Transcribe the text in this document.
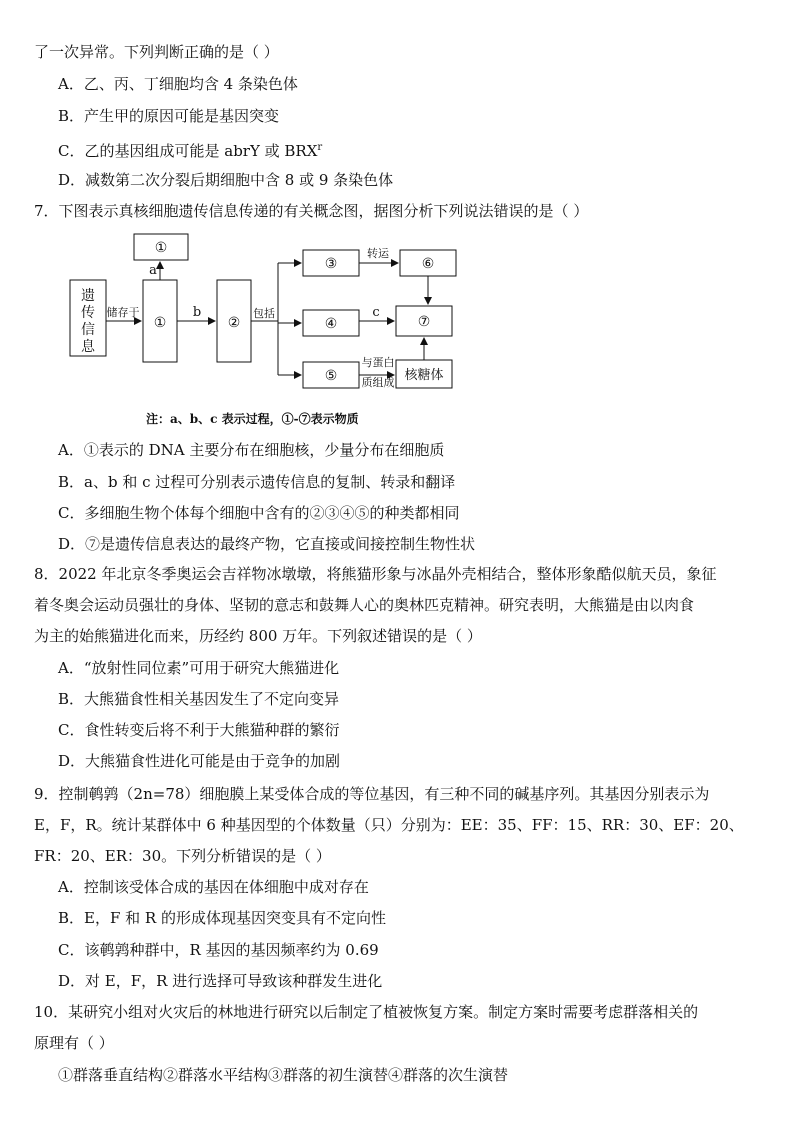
了一次异常。下列判断正确的是（ ）
A．乙、丙、丁细胞均含 4 条染色体
B．产生甲的原因可能是基因突变
C．乙的基因组成可能是 abrY 或 BRX$^r$
D．减数第二次分裂后期细胞中含 8 或 9 条染色体
7．下图表示真核细胞遗传信息传递的有关概念图，据图分析下列说法错误的是（ ）
遗
传
信
息
储存于
①
a
①
b
②
包括
③
④
⑤
转运
c
与蛋白
质组成
⑥
⑦
核糖体
注：a、b、c 表示过程，①-⑦表示物质
A．①表示的 DNA 主要分布在细胞核，少量分布在细胞质
B．a、b 和 c 过程可分别表示遗传信息的复制、转录和翻译
C．多细胞生物个体每个细胞中含有的②③④⑤的种类都相同
D．⑦是遗传信息表达的最终产物，它直接或间接控制生物性状
8．2022 年北京冬季奥运会吉祥物冰墩墩，将熊猫形象与冰晶外壳相结合，整体形象酷似航天员，象征
着冬奥会运动员强壮的身体、坚韧的意志和鼓舞人心的奥林匹克精神。研究表明，大熊猫是由以肉食
为主的始熊猫进化而来，历经约 800 万年。下列叙述错误的是（ ）
A．“放射性同位素”可用于研究大熊猫进化
B．大熊猫食性相关基因发生了不定向变异
C．食性转变后将不利于大熊猫种群的繁衍
D．大熊猫食性进化可能是由于竞争的加剧
9．控制鹌鹑（2n=78）细胞膜上某受体合成的等位基因，有三种不同的碱基序列。其基因分别表示为
E，F，R。统计某群体中 6 种基因型的个体数量（只）分别为：EE：35、FF：15、RR：30、EF：20、
FR：20、ER：30。下列分析错误的是（ ）
A．控制该受体合成的基因在体细胞中成对存在
B．E，F 和 R 的形成体现基因突变具有不定向性
C．该鹌鹑种群中，R 基因的基因频率约为 0.69
D．对 E，F，R 进行选择可导致该种群发生进化
10．某研究小组对火灾后的林地进行研究以后制定了植被恢复方案。制定方案时需要考虑群落相关的
原理有（ ）
①群落垂直结构②群落水平结构③群落的初生演替④群落的次生演替
